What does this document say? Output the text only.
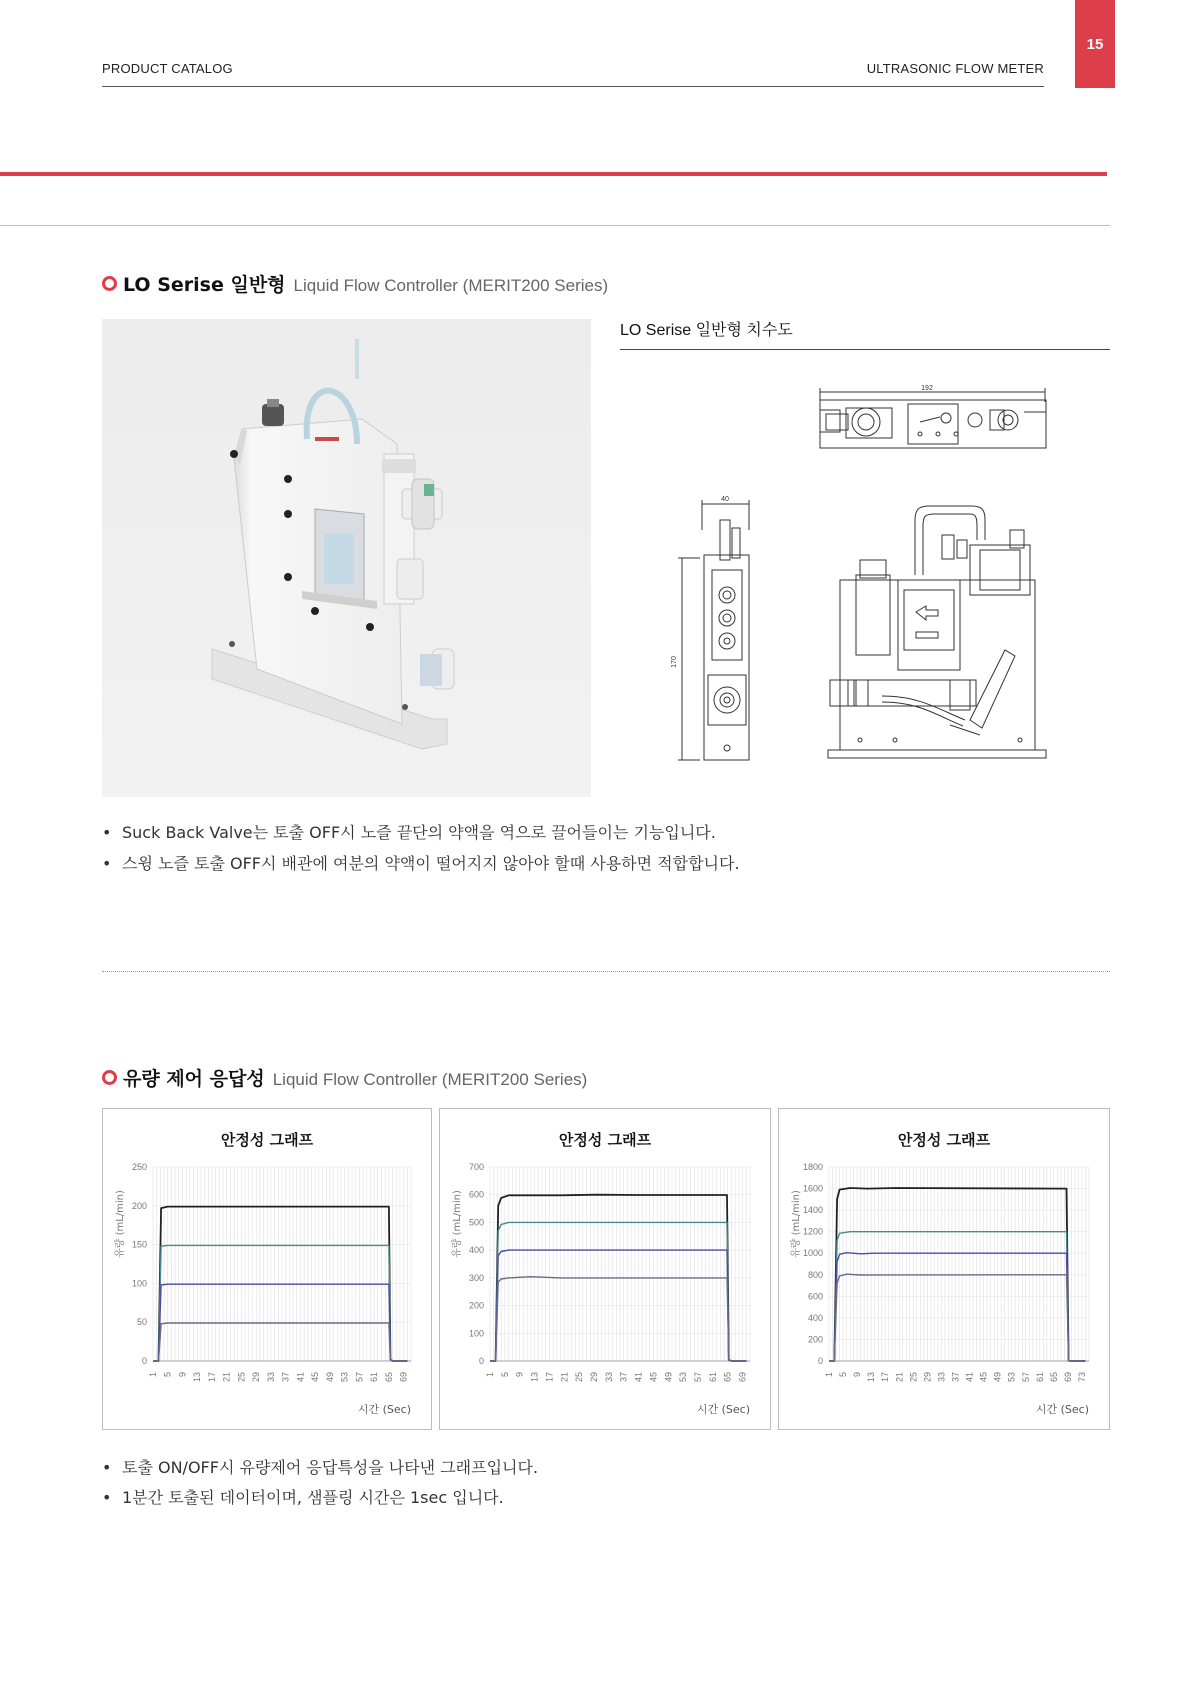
PRODUCT CATALOG	ULTRASONIC FLOW METER
15
LO Serise 일반형 Liquid Flow Controller (MERIT200 Series)
LO Serise 일반형 치수도
192
40
170
• Suck Back Valve는 토출 OFF시 노즐 끝단의 약액을 역으로 끌어들이는 기능입니다.
• 스윙 노즐 토출 OFF시 배관에 여분의 약액이 떨어지지 않아야 할때 사용하면 적합합니다.
유량 제어 응답성 Liquid Flow Controller (MERIT200 Series)
안정성 그래프
0
50
100
150
200
250
1 5 9 13 17 21 25 29 33 37 41 45 49 53 57 61 65 69
유량 (mL/min)
시간 (Sec)
안정성 그래프
0
100
200
300
400
500
600
700
1 5 9 13 17 21 25 29 33 37 41 45 49 53 57 61 65 69
유량 (mL/min)
시간 (Sec)
안정성 그래프
0
200
400
600
800
1000
1200
1400
1600
1800
1 5 9 13 17 21 25 29 33 37 41 45 49 53 57 61 65 69 73
유량 (mL/min)
시간 (Sec)
• 토출 ON/OFF시 유량제어 응답특성을 나타낸 그래프입니다.
• 1분간 토출된 데이터이며, 샘플링 시간은 1sec 입니다.
